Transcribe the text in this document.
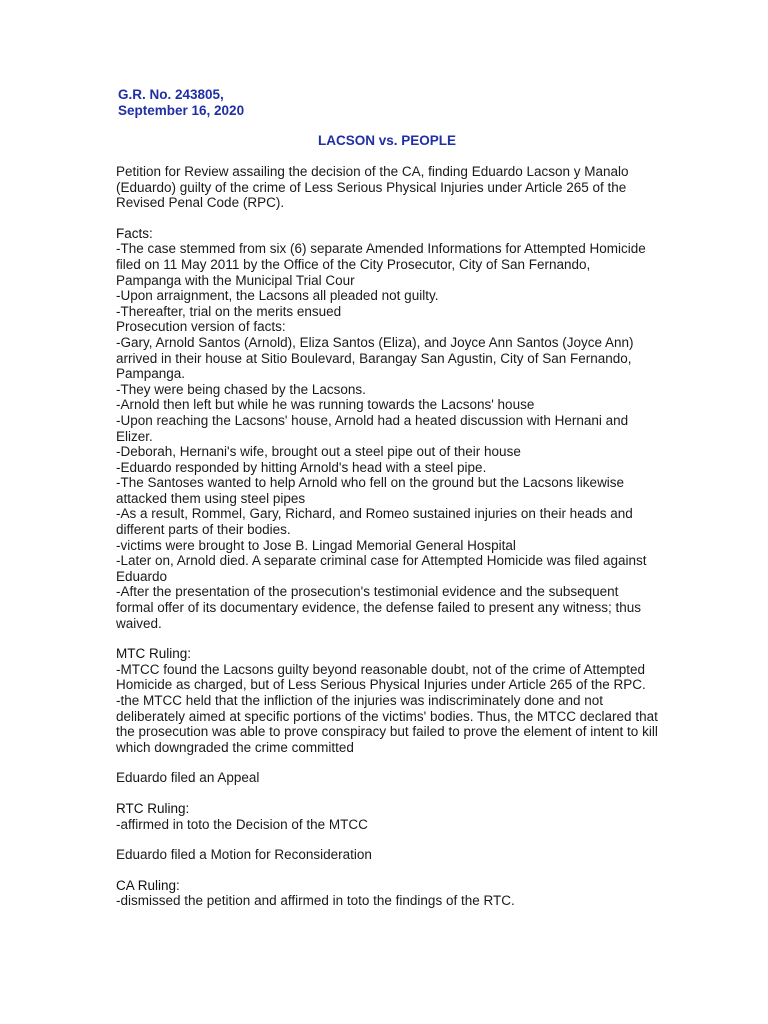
G.R. No. 243805,
September 16, 2020
LACSON vs. PEOPLE
Petition for Review assailing the decision of the CA, finding Eduardo Lacson y Manalo (Eduardo) guilty of the crime of Less Serious Physical Injuries under Article 265 of the Revised Penal Code (RPC).
Facts:
-The case stemmed from six (6) separate Amended Informations for Attempted Homicide filed on 11 May 2011 by the Office of the City Prosecutor, City of San Fernando, Pampanga with the Municipal Trial Cour
-Upon arraignment, the Lacsons all pleaded not guilty.
-Thereafter, trial on the merits ensued
Prosecution version of facts:
-Gary, Arnold Santos (Arnold), Eliza Santos (Eliza), and Joyce Ann Santos (Joyce Ann) arrived in their house at Sitio Boulevard, Barangay San Agustin, City of San Fernando, Pampanga.
-They were being chased by the Lacsons.
-Arnold then left but while he was running towards the Lacsons' house
-Upon reaching the Lacsons' house, Arnold had a heated discussion with Hernani and Elizer.
-Deborah, Hernani's wife, brought out a steel pipe out of their house
-Eduardo responded by hitting Arnold's head with a steel pipe.
-The Santoses wanted to help Arnold who fell on the ground but the Lacsons likewise attacked them using steel pipes
-As a result, Rommel, Gary, Richard, and Romeo sustained injuries on their heads and different parts of their bodies.
-victims were brought to Jose B. Lingad Memorial General Hospital
-Later on, Arnold died. A separate criminal case for Attempted Homicide was filed against Eduardo
-After the presentation of the prosecution's testimonial evidence and the subsequent formal offer of its documentary evidence, the defense failed to present any witness; thus waived.
MTC Ruling:
-MTCC found the Lacsons guilty beyond reasonable doubt, not of the crime of Attempted Homicide as charged, but of Less Serious Physical Injuries under Article 265 of the RPC.
-the MTCC held that the infliction of the injuries was indiscriminately done and not deliberately aimed at specific portions of the victims' bodies. Thus, the MTCC declared that the prosecution was able to prove conspiracy but failed to prove the element of intent to kill which downgraded the crime committed
Eduardo filed an Appeal
RTC Ruling:
-affirmed in toto the Decision of the MTCC
Eduardo filed a Motion for Reconsideration
CA Ruling:
-dismissed the petition and affirmed in toto the findings of the RTC.
